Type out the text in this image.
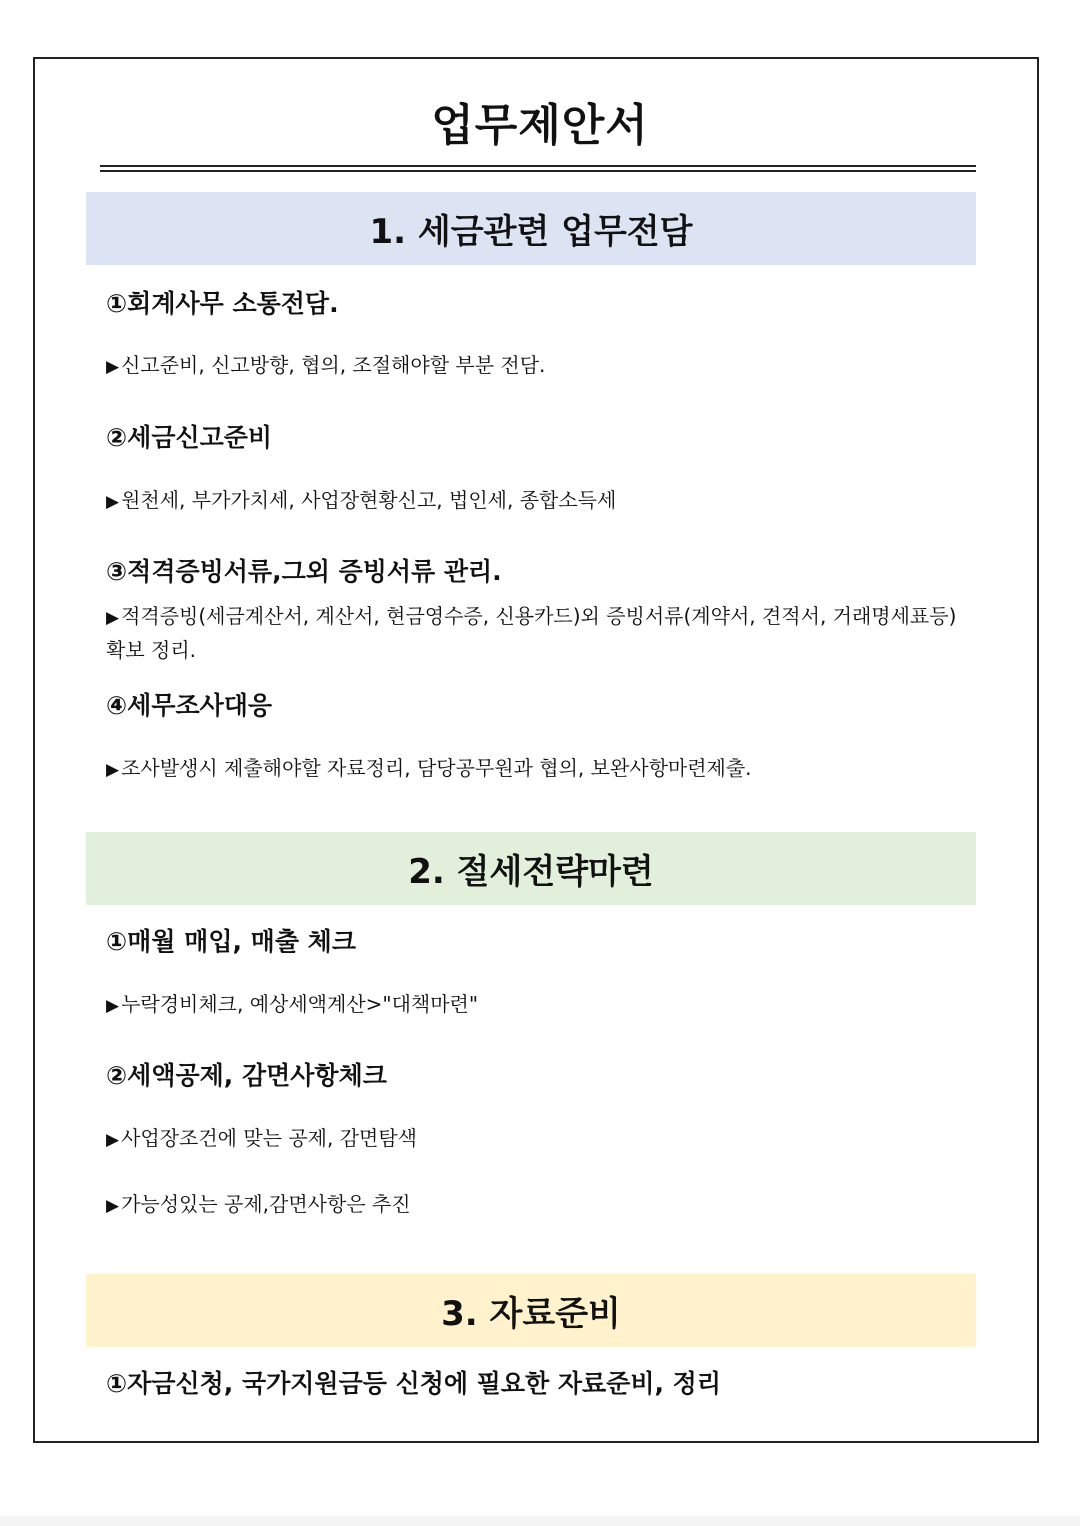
업무제안서
1. 세금관련 업무전담
①회계사무 소통전담.
▶ 신고준비, 신고방향, 협의, 조절해야할 부분 전담.
②세금신고준비
▶ 원천세, 부가가치세, 사업장현황신고, 법인세, 종합소득세
③적격증빙서류,그외 증빙서류 관리.
▶ 적격증빙(세금계산서, 계산서, 현금영수증, 신용카드)외 증빙서류(계약서, 견적서, 거래명세표등)확보 정리.
④세무조사대응
▶ 조사발생시 제출해야할 자료정리, 담당공무원과 협의, 보완사항마련제출.
2. 절세전략마련
①매월 매입, 매출 체크
▶ 누락경비체크, 예상세액계산>"대책마련"
②세액공제, 감면사항체크
▶ 사업장조건에 맞는 공제, 감면탐색
▶ 가능성있는 공제,감면사항은 추진
3. 자료준비
①자금신청, 국가지원금등 신청에 필요한 자료준비, 정리
